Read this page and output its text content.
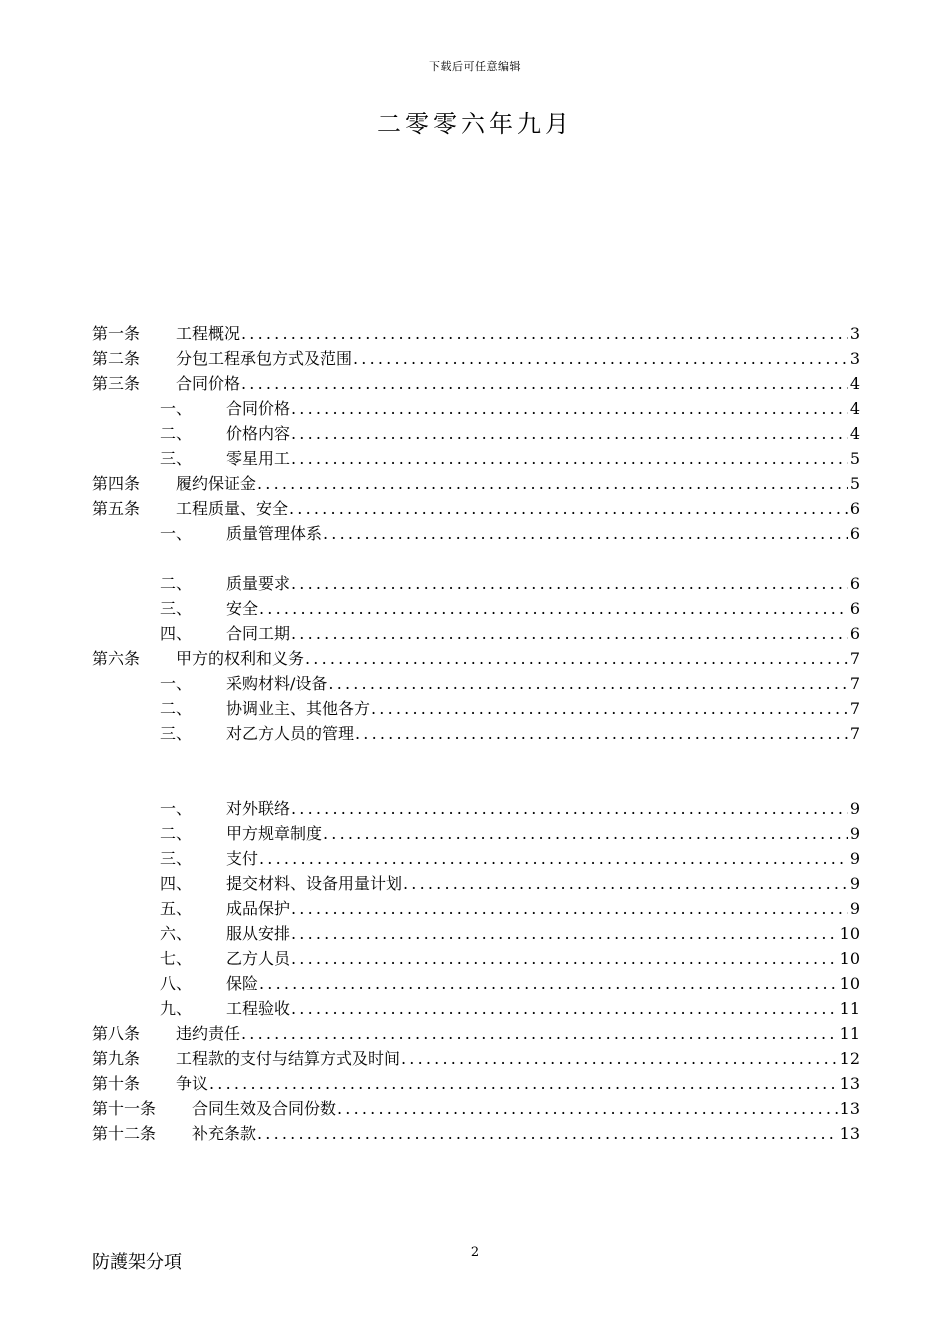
下载后可任意编辑
二零零六年九月
第一条	工程概况 .....	3
第二条	分包工程承包方式及范围 .....	3
第三条	合同价格 .....	4
一、	合同价格 .....	4
二、	价格内容 .....	4
三、	零星用工 .....	5
第四条	履约保证金 .....	5
第五条	工程质量、安全 .....	6
一、	质量管理体系 .....	6
二、	质量要求 .....	6
三、	安全 .....	6
四、	合同工期 .....	6
第六条	甲方的权利和义务 .....	7
一、	采购材料/设备 .....	7
二、	协调业主、其他各方 .....	7
三、	对乙方人员的管理 .....	7
一、	对外联络 .....	9
二、	甲方规章制度 .....	9
三、	支付 .....	9
四、	提交材料、设备用量计划 .....	9
五、	成品保护 .....	9
六、	服从安排 .....	10
七、	乙方人员 .....	10
八、	保险 .....	10
九、	工程验收 .....	11
第八条	违约责任 .....	11
第九条	工程款的支付与结算方式及时间 .....	12
第十条	争议 .....	13
第十一条	合同生效及合同份数 .....	13
第十二条	补充条款 .....	13
防護架分項	2
